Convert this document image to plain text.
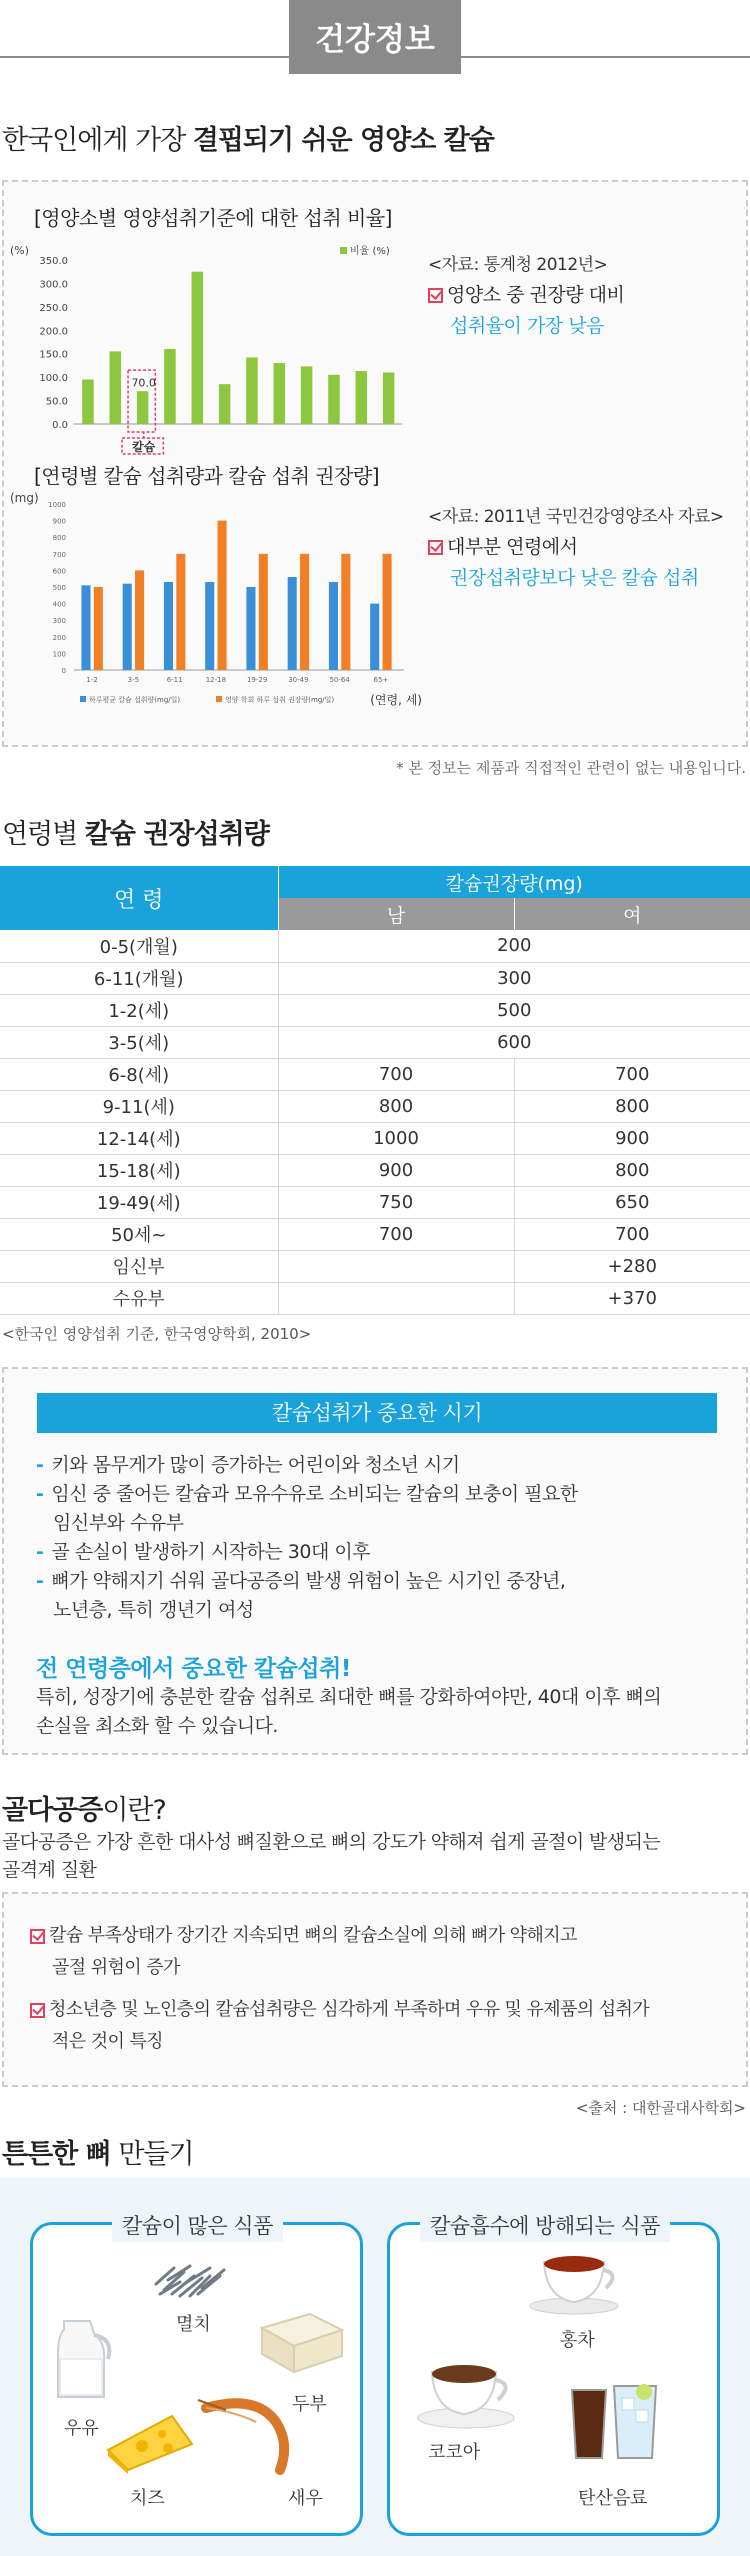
건강정보
한국인에게 가장 결핍되기 쉬운 영양소 칼슘
[영양소별 영양섭취기준에 대한 섭취 비율]
(%)
0.0
50.0
100.0
150.0
200.0
250.0
300.0
350.0
비율 (%)
70.0
칼슘
<자료: 통계청 2012년>
영양소 중 권장량 대비
섭취율이 가장 낮음
[연령별 칼슘 섭취량과 칼슘 섭취 권장량]
(mg)
0
100
200
300
400
500
600
700
800
900
1000
1-2	3-5	6-11	12-18	19-29	30-49	50-64	65+
하루평균 칼슘 섭취량(mg/일)	영양 학회 하루 섭취 권장량(mg/일)	(연령, 세)
<자료: 2011년 국민건강영양조사 자료>
대부분 연령에서
권장섭취량보다 낮은 칼슘 섭취
* 본 정보는 제품과 직접적인 관련이 없는 내용입니다.
연령별 칼슘 권장섭취량
연 령	칼슘권장량(mg)	
	남	여
0-5(개월)	200	
6-11(개월)	300	
1-2(세)	500	
3-5(세)	600	
6-8(세)	700	700
9-11(세)	800	800
12-14(세)	1000	900
15-18(세)	900	800
19-49(세)	750	650
50세~	700	700
임신부		+280
수유부		+370
<한국인 영양섭취 기준, 한국영양학회, 2010>
칼슘섭취가 중요한 시기
- 키와 몸무게가 많이 증가하는 어린이와 청소년 시기
- 임신 중 줄어든 칼슘과 모유수유로 소비되는 칼슘의 보충이 필요한
임신부와 수유부
- 골 손실이 발생하기 시작하는 30대 이후
- 뼈가 약해지기 쉬워 골다공증의 발생 위험이 높은 시기인 중장년,
노년층, 특히 갱년기 여성
전 연령층에서 중요한 칼슘섭취!
특히, 성장기에 충분한 칼슘 섭취로 최대한 뼈를 강화하여야만, 40대 이후 뼈의
손실을 최소화 할 수 있습니다.
골다공증이란?
골다공증은 가장 흔한 대사성 뼈질환으로 뼈의 강도가 약해져 쉽게 골절이 발생되는
골격계 질환
칼슘 부족상태가 장기간 지속되면 뼈의 칼슘소실에 의해 뼈가 약해지고
골절 위험이 증가
청소년층 및 노인층의 칼슘섭취량은 심각하게 부족하며 우유 및 유제품의 섭취가
적은 것이 특징
<출처 : 대한골대사학회>
튼튼한 뼈 만들기
칼슘이 많은 식품
멸치
우유
두부
치즈	새우
칼슘흡수에 방해되는 식품
홍차
코코아
탄산음료
